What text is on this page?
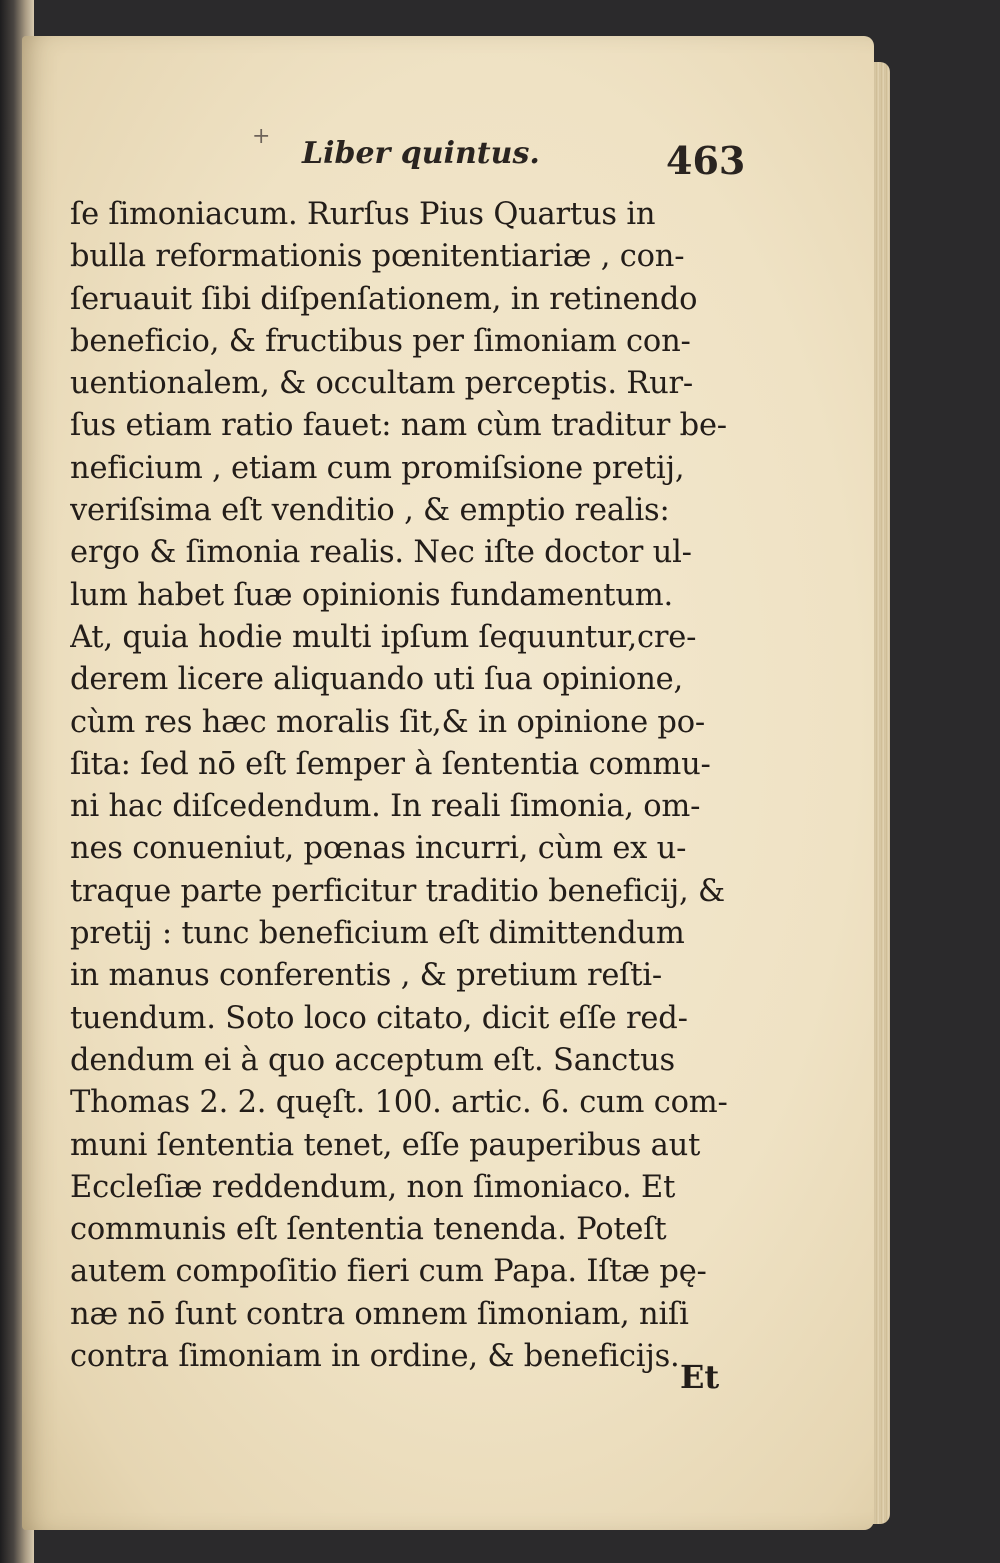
+ Liber quintus.	463
ſe ſimoniacum. Rurſus Pius Quartus in
bulla reformationis pœnitentiariæ , con-
ſeruauit ſibi diſpenſationem, in retinendo
beneficio, & fructibus per ſimoniam con-
uentionalem, & occultam perceptis. Rur-
ſus etiam ratio fauet: nam cùm traditur be-
neficium , etiam cum promiſsione pretij,
veriſsima eſt venditio , & emptio realis:
ergo & ſimonia realis. Nec iſte doctor ul-
lum habet ſuæ opinionis fundamentum.
At, quia hodie multi ipſum ſequuntur,cre-
derem licere aliquando uti ſua opinione,
cùm res hæc moralis ſit,& in opinione po-
ſita: ſed nō eſt ſemper à ſententia commu-
ni hac diſcedendum. In reali ſimonia, om-
nes conueniut, pœnas incurri, cùm ex u-
traque parte perficitur traditio beneficij, &
pretij : tunc beneficium eſt dimittendum
in manus conferentis , & pretium reſti-
tuendum. Soto loco citato, dicit eſſe red-
dendum ei à quo acceptum eſt. Sanctus
Thomas 2. 2. quęſt. 100. artic. 6. cum com-
muni ſententia tenet, eſſe pauperibus aut
Eccleſiæ reddendum, non ſimoniaco. Et
communis eſt ſententia tenenda. Poteſt
autem compoſitio fieri cum Papa. Iſtæ pę-
næ nō ſunt contra omnem ſimoniam, niſi
contra ſimoniam in ordine, & beneficijs.
Et
